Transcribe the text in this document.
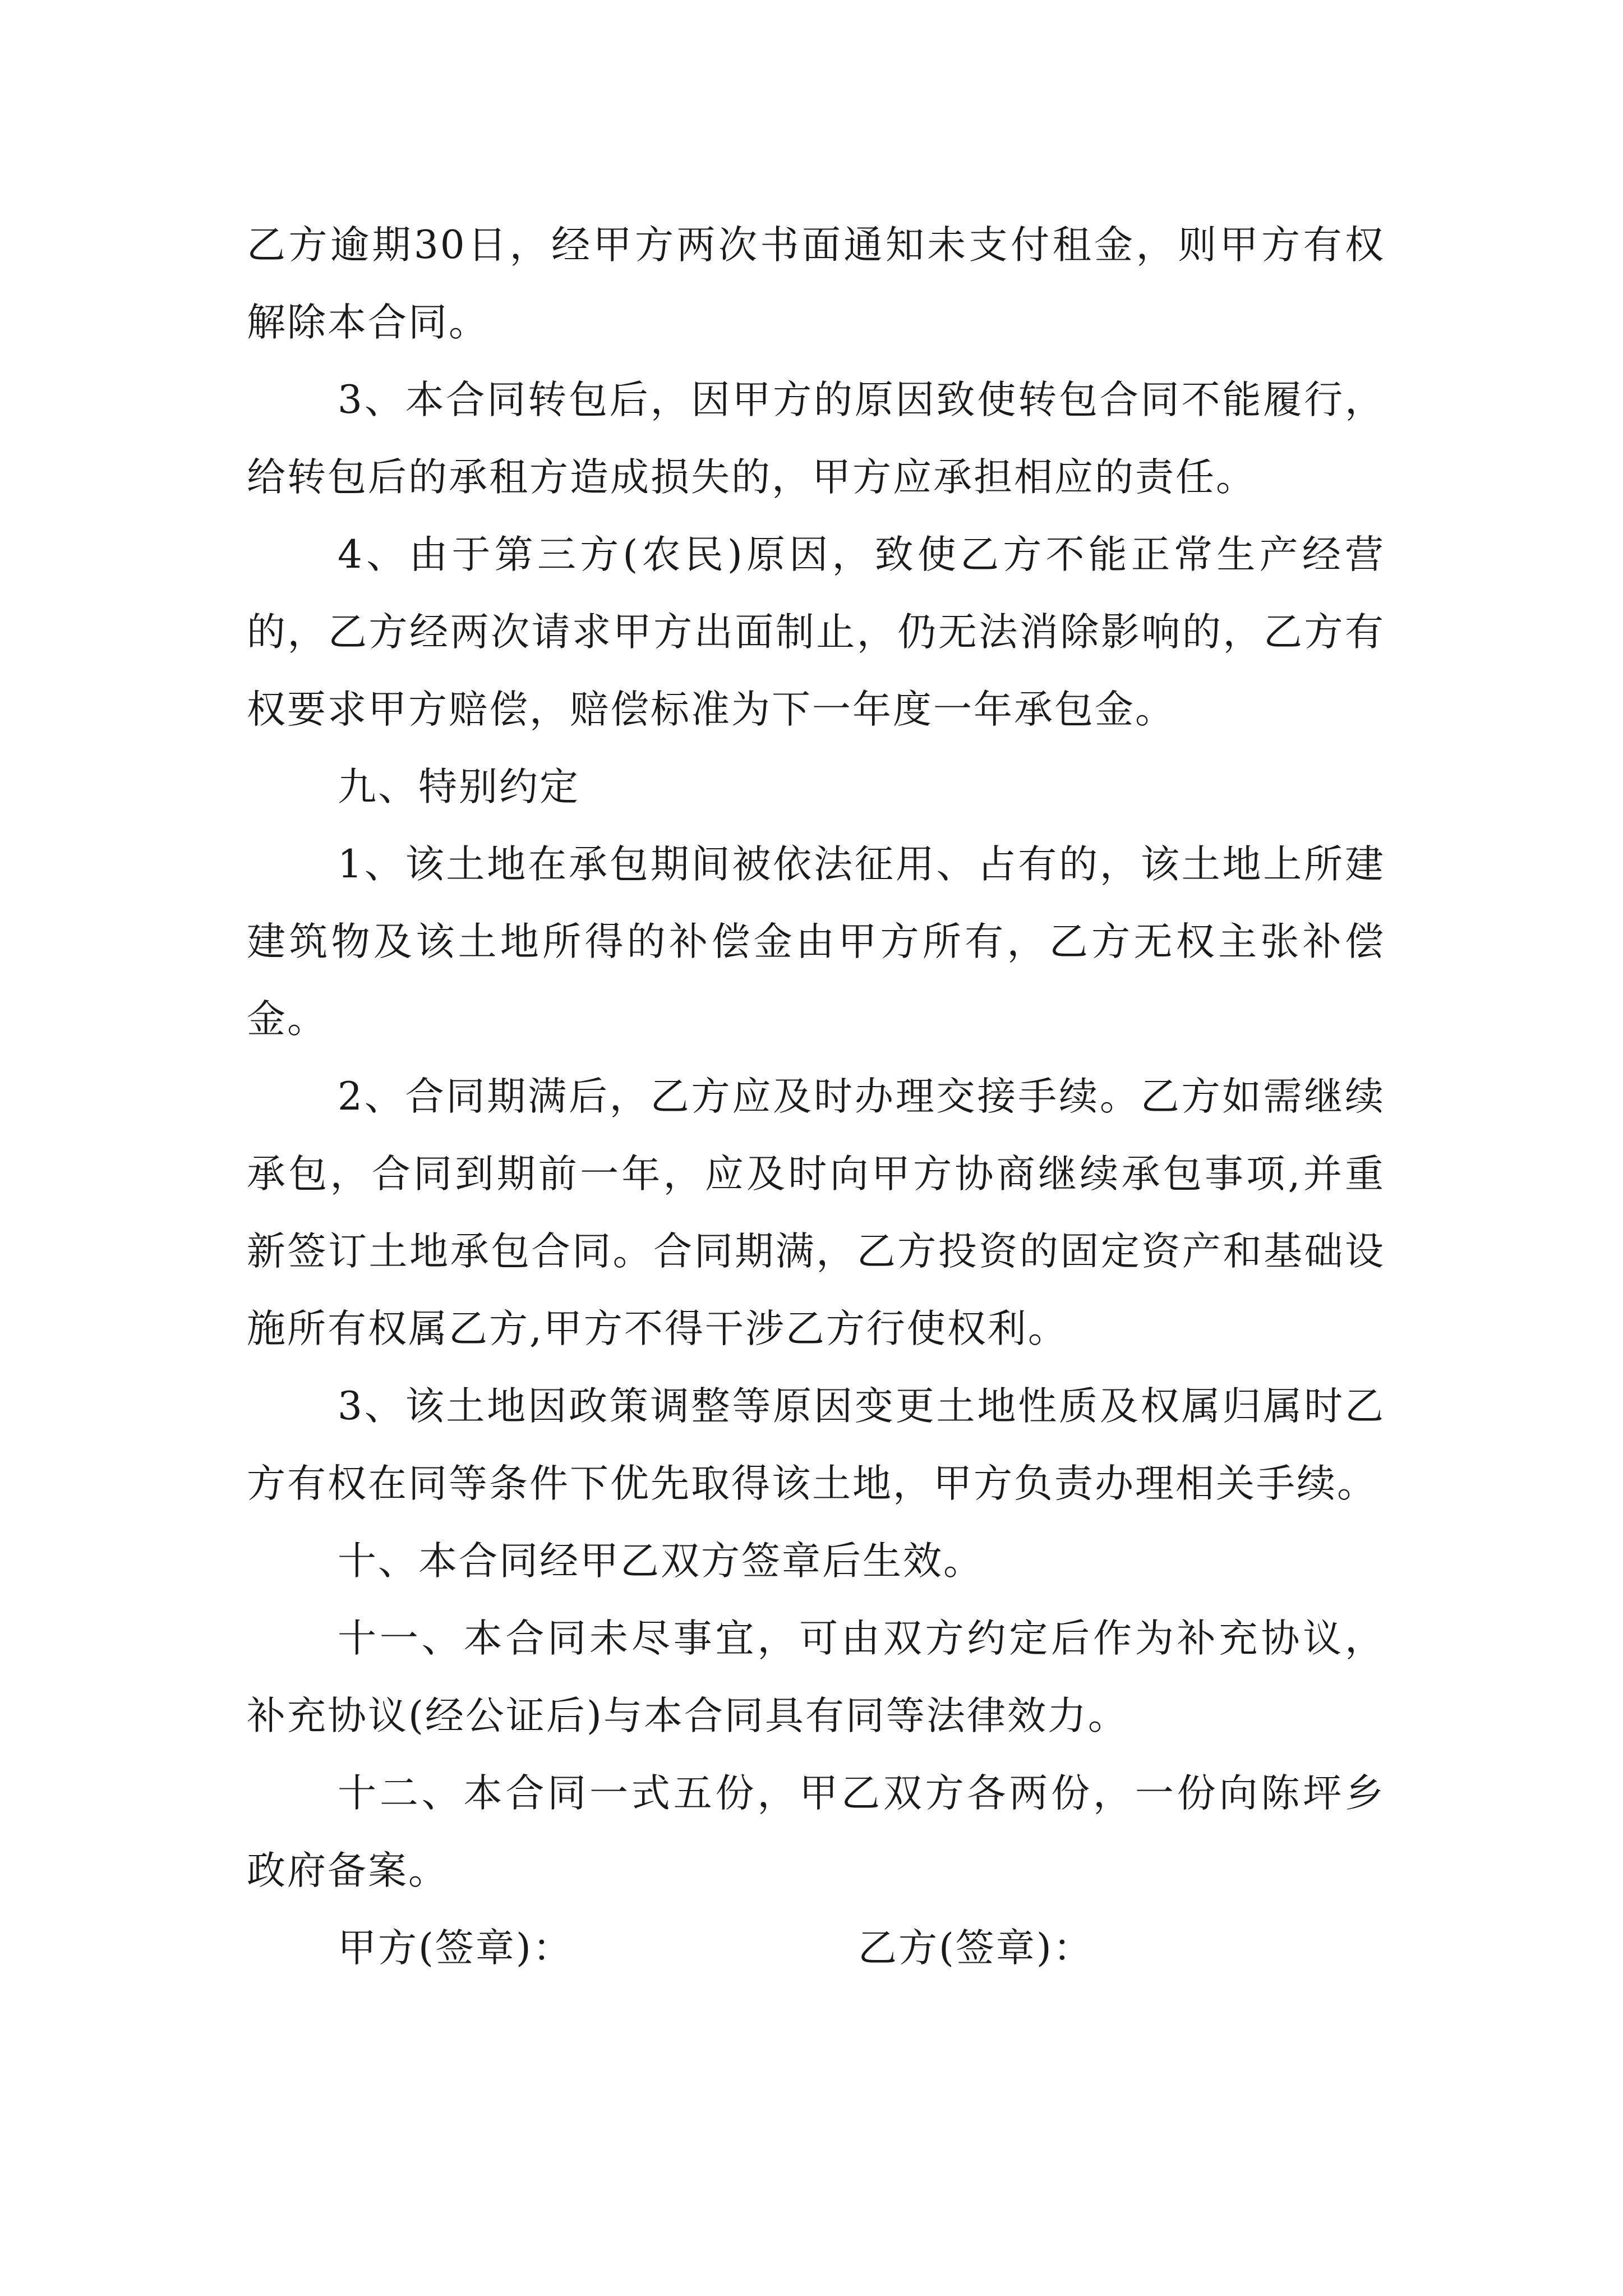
乙方逾期30日，经甲方两次书面通知未支付租金，则甲方有权解除本合同。

3、本合同转包后，因甲方的原因致使转包合同不能履行，给转包后的承租方造成损失的，甲方应承担相应的责任。

4、由于第三方(农民)原因，致使乙方不能正常生产经营的，乙方经两次请求甲方出面制止，仍无法消除影响的，乙方有权要求甲方赔偿，赔偿标准为下一年度一年承包金。

九、特别约定

1、该土地在承包期间被依法征用、占有的，该土地上所建建筑物及该土地所得的补偿金由甲方所有，乙方无权主张补偿金。

2、合同期满后，乙方应及时办理交接手续。乙方如需继续承包，合同到期前一年，应及时向甲方协商继续承包事项,并重新签订土地承包合同。合同期满，乙方投资的固定资产和基础设施所有权属乙方,甲方不得干涉乙方行使权利。

3、该土地因政策调整等原因变更土地性质及权属归属时乙方有权在同等条件下优先取得该土地，甲方负责办理相关手续。

十、本合同经甲乙双方签章后生效。

十一、本合同未尽事宜，可由双方约定后作为补充协议，补充协议(经公证后)与本合同具有同等法律效力。

十二、本合同一式五份，甲乙双方各两份，一份向陈坪乡政府备案。

甲方(签章)：	乙方(签章)：
